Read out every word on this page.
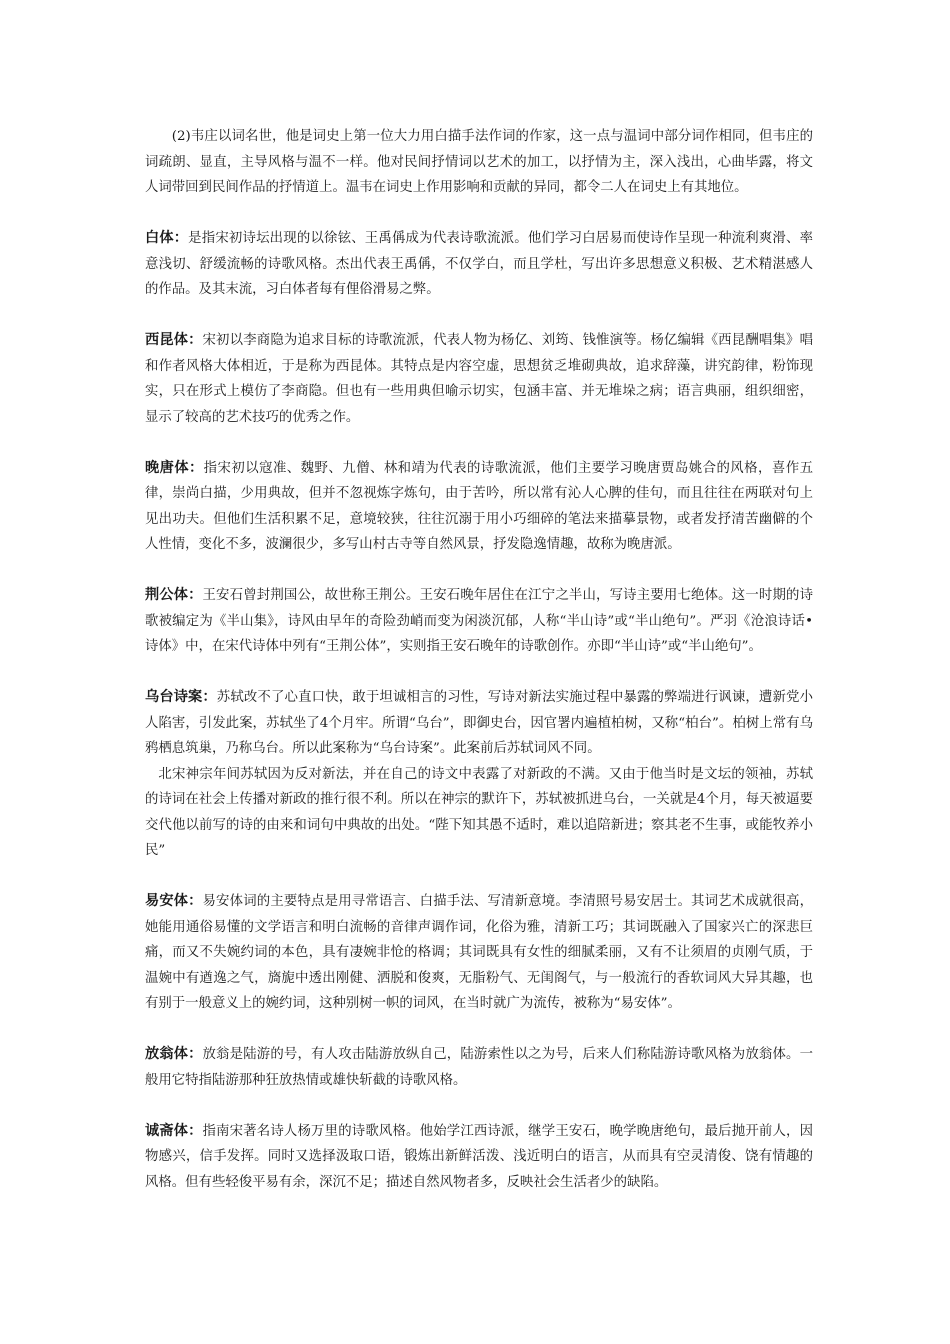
(2)韦庄以词名世，他是词史上第一位大力用白描手法作词的作家，这一点与温词中部分词作相同，但韦庄的词疏朗、显直，主导风格与温不一样。他对民间抒情词以艺术的加工，以抒情为主，深入浅出，心曲毕露，将文人词带回到民间作品的抒情道上。温韦在词史上作用影响和贡献的异同，都令二人在词史上有其地位。

白体：是指宋初诗坛出现的以徐铉、王禹偁成为代表诗歌流派。他们学习白居易而使诗作呈现一种流利爽滑、率意浅切、舒缓流畅的诗歌风格。杰出代表王禹偁，不仅学白，而且学杜，写出许多思想意义积极、艺术精湛感人的作品。及其末流，习白体者每有俚俗滑易之弊。

西昆体：宋初以李商隐为追求目标的诗歌流派，代表人物为杨亿、刘筠、钱惟演等。杨亿编辑《西昆酬唱集》唱和作者风格大体相近，于是称为西昆体。其特点是内容空虚，思想贫乏堆砌典故，追求辞藻，讲究韵律，粉饰现实，只在形式上模仿了李商隐。但也有一些用典但喻示切实，包涵丰富、并无堆垛之病；语言典丽，组织细密，显示了较高的艺术技巧的优秀之作。

晚唐体：指宋初以寇准、魏野、九僧、林和靖为代表的诗歌流派，他们主要学习晚唐贾岛姚合的风格，喜作五律，崇尚白描，少用典故，但并不忽视炼字炼句，由于苦吟，所以常有沁人心脾的佳句，而且往往在两联对句上见出功夫。但他们生活积累不足，意境较狭，往往沉溺于用小巧细碎的笔法来描摹景物，或者发抒清苦幽僻的个人性情，变化不多，波澜很少，多写山村古寺等自然风景，抒发隐逸情趣，故称为晚唐派。

荆公体：王安石曾封荆国公，故世称王荆公。王安石晚年居住在江宁之半山，写诗主要用七绝体。这一时期的诗歌被编定为《半山集》，诗风由早年的奇险劲峭而变为闲淡沉郁，人称“半山诗”或“半山绝句”。严羽《沧浪诗话•诗体》中，在宋代诗体中列有“王荆公体”，实则指王安石晚年的诗歌创作。亦即“半山诗”或“半山绝句”。

乌台诗案：苏轼改不了心直口快，敢于坦诚相言的习性，写诗对新法实施过程中暴露的弊端进行讽谏，遭新党小人陷害，引发此案，苏轼坐了4个月牢。所谓“乌台”，即御史台，因官署内遍植柏树，又称“柏台”。柏树上常有乌鸦栖息筑巢，乃称乌台。所以此案称为“乌台诗案”。此案前后苏轼词风不同。

北宋神宗年间苏轼因为反对新法，并在自己的诗文中表露了对新政的不满。又由于他当时是文坛的领袖，苏轼的诗词在社会上传播对新政的推行很不利。所以在神宗的默许下，苏轼被抓进乌台，一关就是4个月，每天被逼要交代他以前写的诗的由来和词句中典故的出处。“陛下知其愚不适时，难以追陪新进；察其老不生事，或能牧养小民”

易安体：易安体词的主要特点是用寻常语言、白描手法、写清新意境。李清照号易安居士。其词艺术成就很高，她能用通俗易懂的文学语言和明白流畅的音律声调作词，化俗为雅，清新工巧；其词既融入了国家兴亡的深悲巨痛，而又不失婉约词的本色，具有凄婉非怆的格调；其词既具有女性的细腻柔丽，又有不让须眉的贞刚气质，于温婉中有遒逸之气，旖旎中透出刚健、洒脱和俊爽，无脂粉气、无闺阁气，与一般流行的香软词风大异其趣，也有别于一般意义上的婉约词，这种别树一帜的词风，在当时就广为流传，被称为“易安体”。

放翁体：放翁是陆游的号，有人攻击陆游放纵自己，陆游索性以之为号，后来人们称陆游诗歌风格为放翁体。一般用它特指陆游那种狂放热情或雄快斩截的诗歌风格。

诚斋体：指南宋著名诗人杨万里的诗歌风格。他始学江西诗派，继学王安石，晚学晚唐绝句，最后抛开前人，因物感兴，信手发挥。同时又选择汲取口语，锻炼出新鲜活泼、浅近明白的语言，从而具有空灵清俊、饶有情趣的风格。但有些轻俊平易有余，深沉不足；描述自然风物者多，反映社会生活者少的缺陷。
